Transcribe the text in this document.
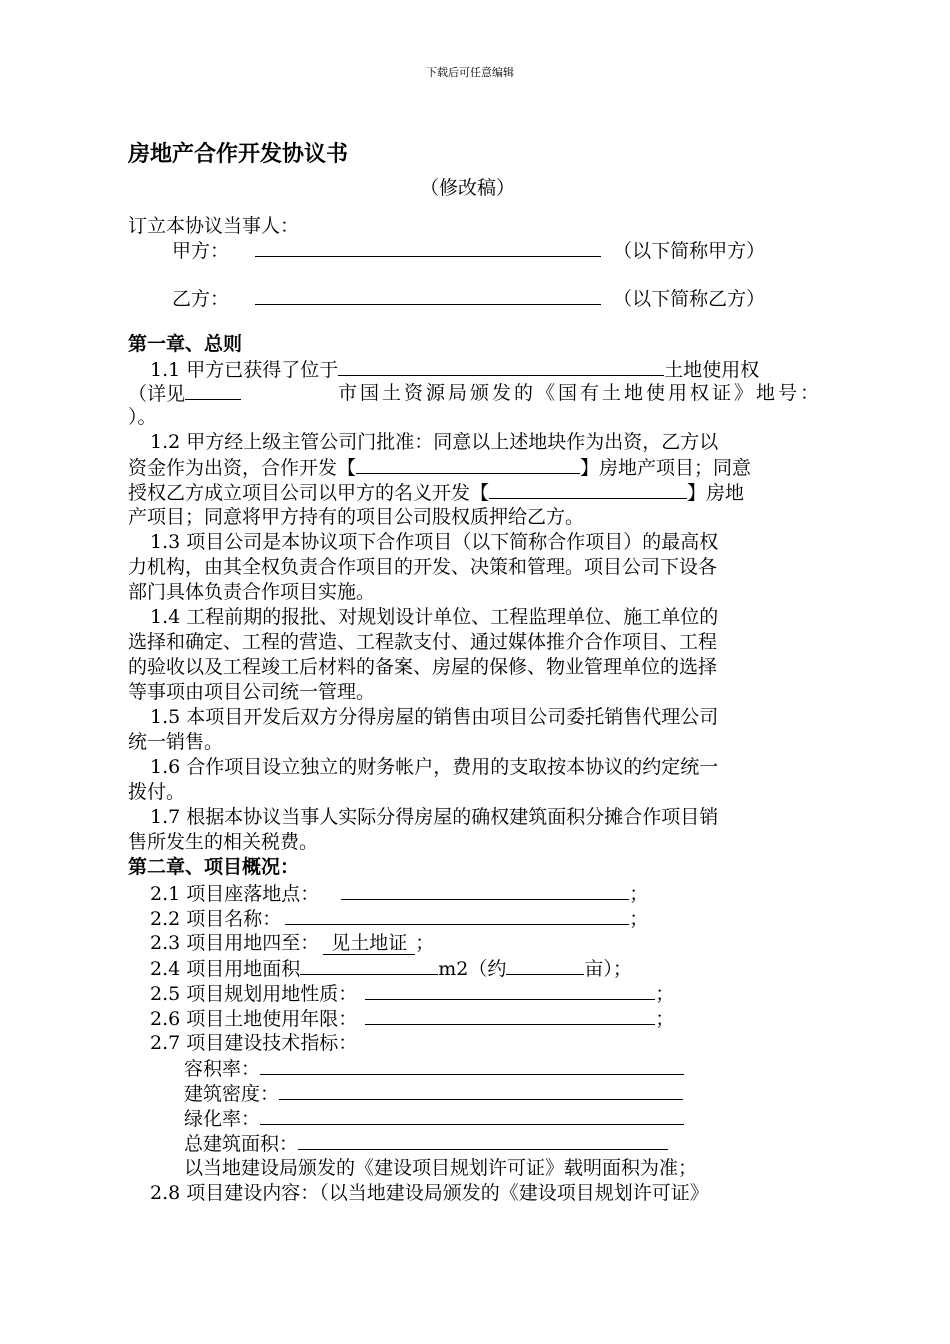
下载后可任意编辑
房地产合作开发协议书
（修改稿）
订立本协议当事人：
甲方：	（以下简称甲方）
乙方：	（以下简称乙方）
第一章、总则
1.1 甲方已获得了位于	土地使用权
（详见	市国土资源局颁发的《国有土地使用权证》地号：
）。
1.2 甲方经上级主管公司门批准：同意以上述地块作为出资，乙方以
资金作为出资，合作开发【	】房地产项目；同意
授权乙方成立项目公司以甲方的名义开发【	】房地
产项目；同意将甲方持有的项目公司股权质押给乙方。
1.3 项目公司是本协议项下合作项目（以下简称合作项目）的最高权
力机构，由其全权负责合作项目的开发、决策和管理。项目公司下设各
部门具体负责合作项目实施。
1.4 工程前期的报批、对规划设计单位、工程监理单位、施工单位的
选择和确定、工程的营造、工程款支付、通过媒体推介合作项目、工程
的验收以及工程竣工后材料的备案、房屋的保修、物业管理单位的选择
等事项由项目公司统一管理。
1.5 本项目开发后双方分得房屋的销售由项目公司委托销售代理公司
统一销售。
1.6 合作项目设立独立的财务帐户，费用的支取按本协议的约定统一
拨付。
1.7 根据本协议当事人实际分得房屋的确权建筑面积分摊合作项目销
售所发生的相关税费。
第二章、项目概况：
2.1 项目座落地点：	；
2.2 项目名称：	；
2.3 项目用地四至： 见土地证 ；
2.4 项目用地面积	m2（约	亩）；
2.5 项目规划用地性质：	；
2.6 项目土地使用年限：	；
2.7 项目建设技术指标：
容积率：
建筑密度：
绿化率：
总建筑面积：
以当地建设局颁发的《建设项目规划许可证》载明面积为准；
2.8 项目建设内容：（以当地建设局颁发的《建设项目规划许可证》
